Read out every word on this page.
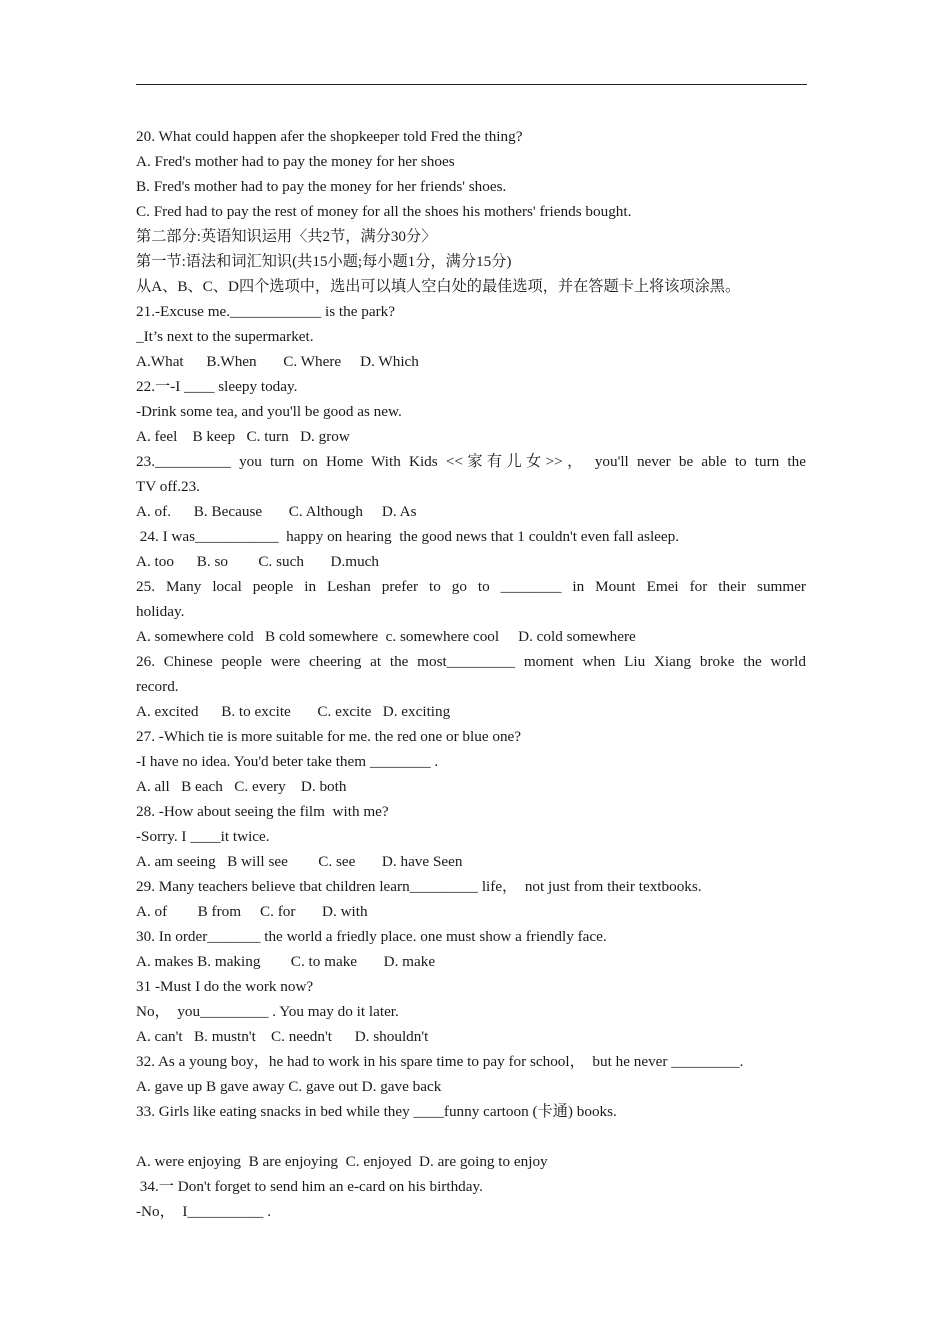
20. What could happen afer the shopkeeper told Fred the thing?
A. Fred's mother had to pay the money for her shoes
B. Fred's mother had to pay the money for her friends' shoes.
C. Fred had to pay the rest of money for all the shoes his mothers' friends bought.
第二部分:英语知识运用〈共2节，满分30分〉
第一节:语法和词汇知识(共15小题;每小题1分，满分15分)
从A、B、C、D四个选项中，选出可以填人空白处的最佳选项，并在答题卡上将该项涂黑。
21.-Excuse me.____________ is the park?
_It’s next to the supermarket.
A.What      B.When       C. Where     D. Which
22.一-I ____ sleepy today.
-Drink some tea, and you'll be good as new.
A. feel    B keep   C. turn   D. grow
23.__________ you turn on Home With Kids <<家有儿女>>， you'll never be able to turn the
TV off.23.
A. of.      B. Because       C. Although     D. As
24. I was___________  happy on hearing  the good news that 1 couldn't even fall asleep.
A. too      B. so        C. such       D.much
25. Many local people in Leshan prefer to go to ________ in Mount Emei for their summer
holiday.
A. somewhere cold   B cold somewhere  c. somewhere cool     D. cold somewhere
26. Chinese people were cheering at the most_________ moment when Liu Xiang broke the world
record.
A. excited      B. to excite       C. excite   D. exciting
27. -Which tie is more suitable for me. the red one or blue one?
-I have no idea. You'd beter take them ________ .
A. all   B each   C. every    D. both
28. -How about seeing the film  with me?
-Sorry. I ____it twice.
A. am seeing   B will see        C. see       D. have Seen
29. Many teachers believe tbat children learn_________ life，  not just from their textbooks.
A. of        B from     C. for       D. with
30. In order_______ the world a friedly place. one must show a friendly face.
A. makes B. making        C. to make       D. make
31 -Must I do the work now?
No，  you_________ . You may do it later.
A. can't   B. mustn't    C. needn't      D. shouldn't
32. As a young boy，he had to work in his spare time to pay for school，  but he never _________.
A. gave up B gave away C. gave out D. gave back
33. Girls like eating snacks in bed while they ____funny cartoon (卡通) books.
A. were enjoying  B are enjoying  C. enjoyed  D. are going to enjoy
34.一 Don't forget to send him an e-card on his birthday.
-No，  I__________ .
